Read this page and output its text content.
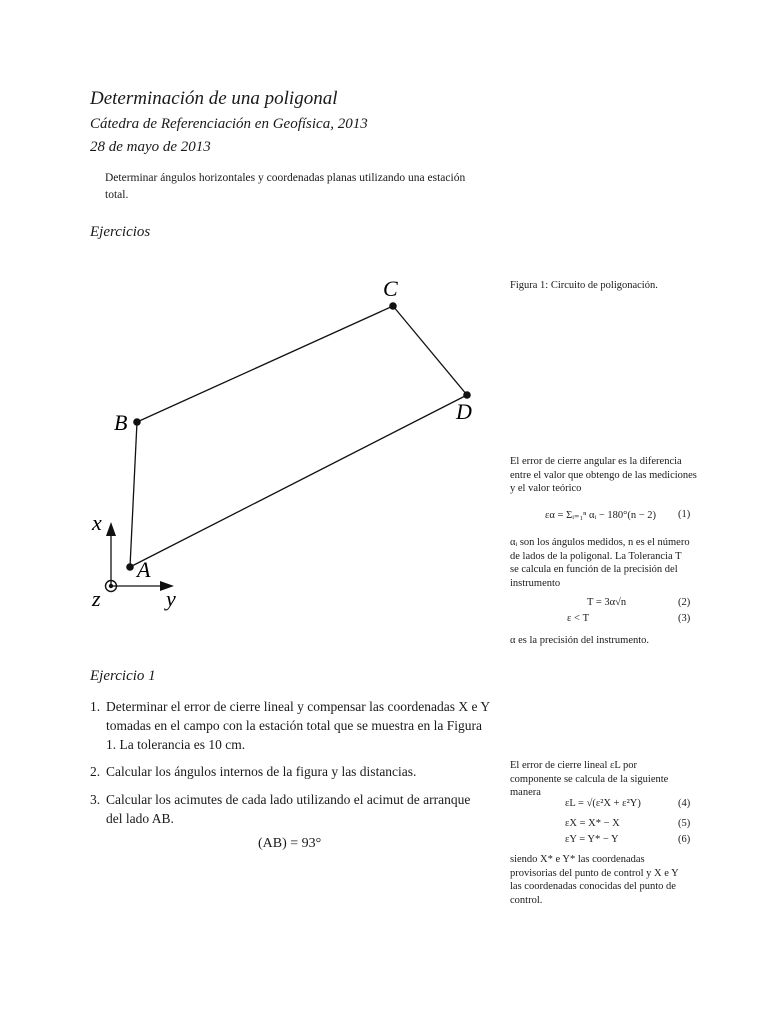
Determinación de una poligonal
Cátedra de Referenciación en Geofísica, 2013
28 de mayo de 2013
Determinar ángulos horizontales y coordenadas planas utilizando una estación total.
Ejercicios
A
B
C
D
x
y
z
Figura 1: Circuito de poligonación.
El error de cierre angular es la diferencia entre el valor que obtengo de las mediciones y el valor teórico
εα = Σᵢ₌₁ⁿ αᵢ − 180°(n − 2) (1)
αᵢ son los ángulos medidos, n es el número de lados de la poligonal. La Tolerancia T se calcula en función de la precisión del instrumento
T = 3α√n	(2)
ε < T	(3)
α es la precisión del instrumento.
Ejercicio 1
1. Determinar el error de cierre lineal y compensar las coordenadas X e Y tomadas en el campo con la estación total que se muestra en la Figura 1. La tolerancia es 10 cm.
2. Calcular los ángulos internos de la figura y las distancias.
3. Calcular los acimutes de cada lado utilizando el acimut de arranque del lado AB.
(AB) = 93°
El error de cierre lineal εL por componente se calcula de la siguiente manera
εL = √(ε²X + ε²Y)	(4)
εX = X* − X	(5)
εY = Y* − Y	(6)
siendo X* e Y* las coordenadas provisorias del punto de control y X e Y las coordenadas conocidas del punto de control.
